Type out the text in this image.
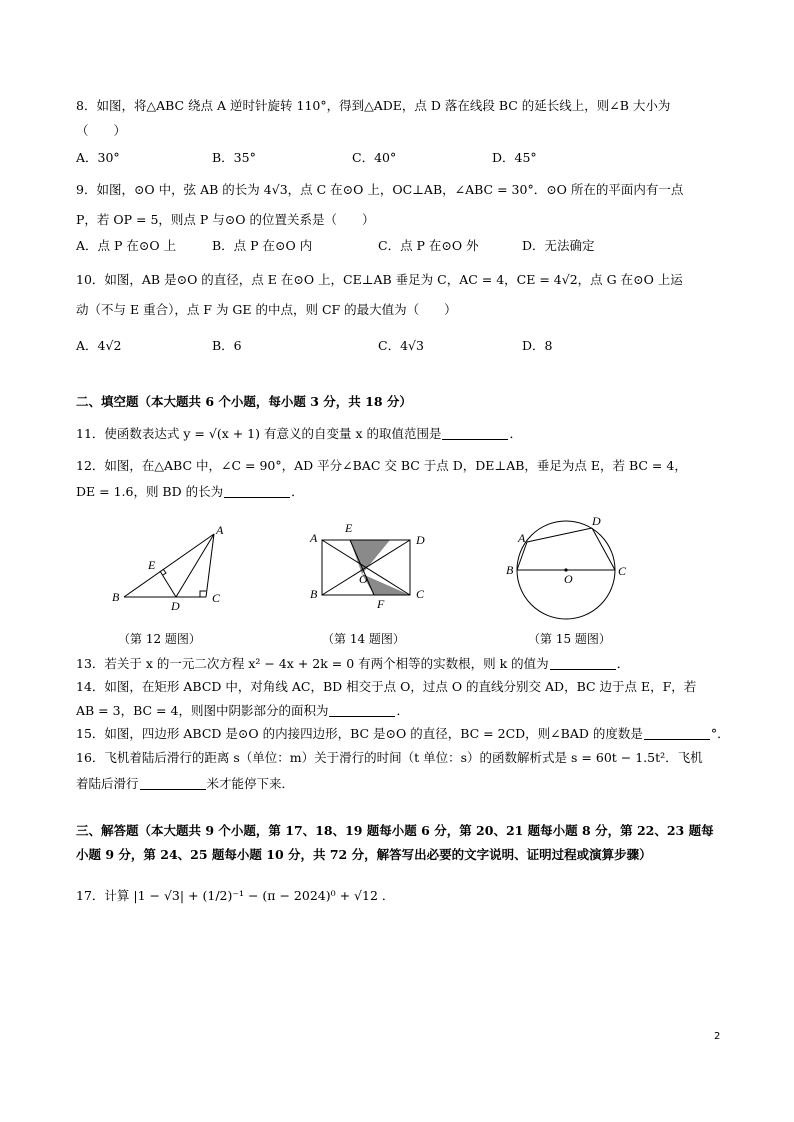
8．如图，将△ABC 绕点 A 逆时针旋转 110°，得到△ADE，点 D 落在线段 BC 的延长线上，则∠B 大小为
（　　）
A．30°	B．35°	C．40°	D．45°
9．如图，⊙O 中，弦 AB 的长为 4√3，点 C 在⊙O 上，OC⊥AB，∠ABC = 30°．⊙O 所在的平面内有一点
P，若 OP = 5，则点 P 与⊙O 的位置关系是（　　）
A．点 P 在⊙O 上	B．点 P 在⊙O 内	C．点 P 在⊙O 外	D．无法确定
10．如图，AB 是⊙O 的直径，点 E 在⊙O 上，CE⊥AB 垂足为 C，AC = 4，CE = 4√2，点 G 在⊙O 上运
动（不与 E 重合），点 F 为 GE 的中点，则 CF 的最大值为（　　）
A．4√2	B．6	C．4√3	D．8
二、填空题（本大题共 6 个小题，每小题 3 分，共 18 分）
11．使函数表达式 y = √(x + 1) 有意义的自变量 x 的取值范围是	．
12．如图，在△ABC 中，∠C = 90°，AD 平分∠BAC 交 BC 于点 D，DE⊥AB，垂足为点 E，若 BC = 4，
DE = 1.6，则 BD 的长为	．
A
B	C
D
E
（第 12 题图）
A	D
B	C
E
F
O
（第 14 题图）
A
B	C
D
O
（第 15 题图）
13．若关于 x 的一元二次方程 x² − 4x + 2k = 0 有两个相等的实数根，则 k 的值为	．
14．如图，在矩形 ABCD 中，对角线 AC，BD 相交于点 O，过点 O 的直线分别交 AD，BC 边于点 E，F，若
AB = 3，BC = 4，则图中阴影部分的面积为	．
15．如图，四边形 ABCD 是⊙O 的内接四边形，BC 是⊙O 的直径，BC = 2CD，则∠BAD 的度数是	°．
16．飞机着陆后滑行的距离 s（单位：m）关于滑行的时间（t 单位：s）的函数解析式是 s = 60t − 1.5t²．飞机
着陆后滑行	米才能停下来．
三、解答题（本大题共 9 个小题，第 17、18、19 题每小题 6 分，第 20、21 题每小题 8 分，第 22、23 题每
小题 9 分，第 24、25 题每小题 10 分，共 72 分，解答写出必要的文字说明、证明过程或演算步骤）
17．计算 |1 − √3| + (1/2)⁻¹ − (π − 2024)⁰ + √12 ．
2
